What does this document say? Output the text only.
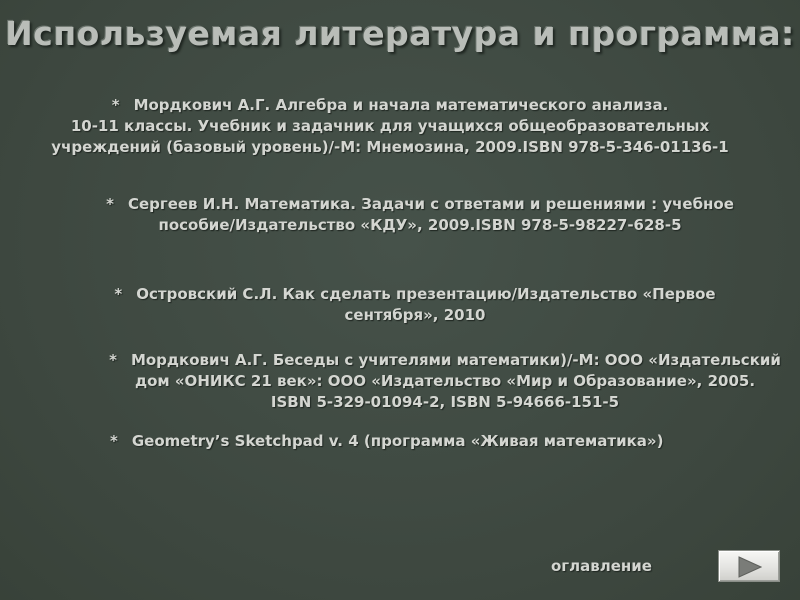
Используемая литература и программа:
* Мордкович А.Г. Алгебра и начала математического анализа.
10-11 классы. Учебник и задачник для учащихся общеобразовательных
учреждений (базовый уровень)/-М: Мнемозина, 2009.ISBN 978-5-346-01136-1
* Сергеев И.Н. Математика. Задачи с ответами и решениями : учебное
пособие/Издательство «КДУ», 2009.ISBN 978-5-98227-628-5
* Островский С.Л. Как сделать презентацию/Издательство «Первое
сентября», 2010
* Мордкович А.Г. Беседы с учителями математики)/-М: ООО «Издательский
дом «ОНИКС 21 век»: ООО «Издательство «Мир и Образование», 2005.
ISBN 5-329-01094-2, ISBN 5-94666-151-5
* Geometry’s Sketchpad v. 4 (программа «Живая математика»)
оглавление
